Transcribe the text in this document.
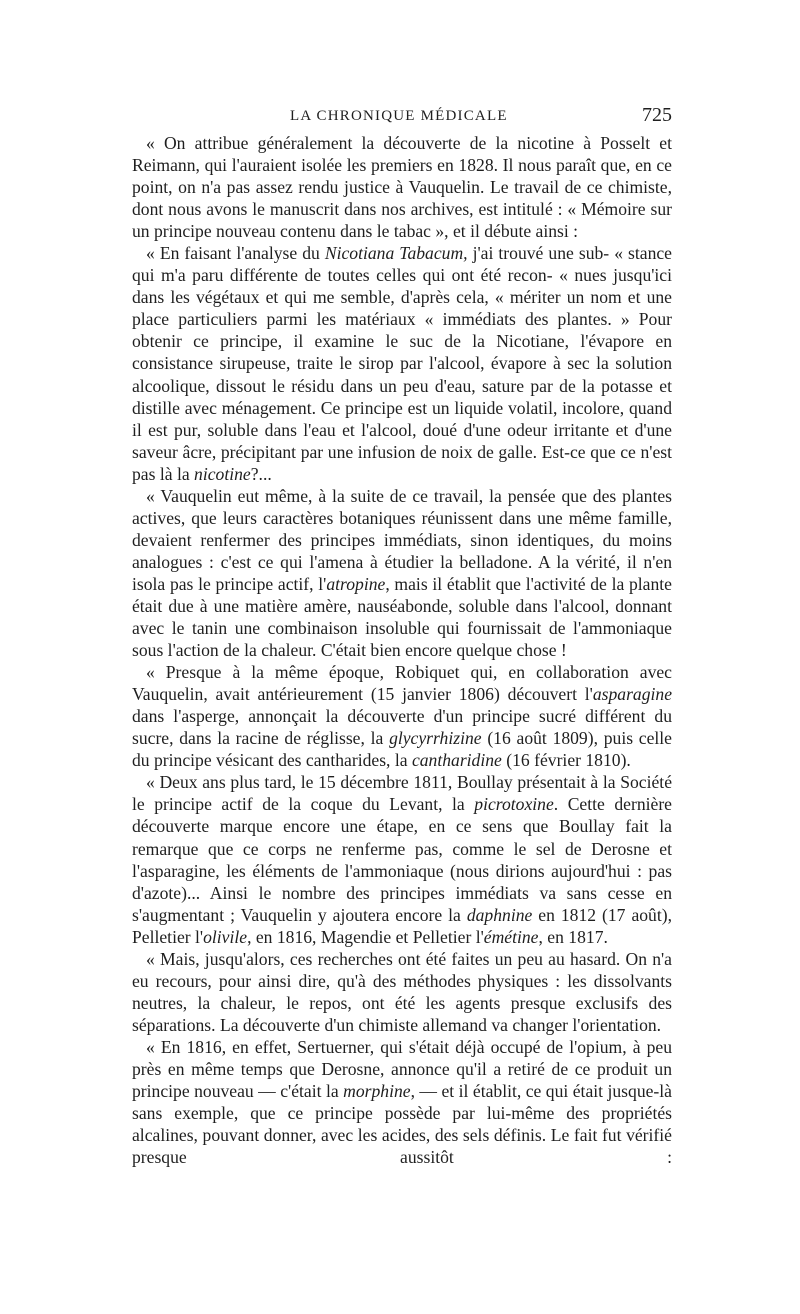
LA CHRONIQUE MÉDICALE	725

« On attribue généralement la découverte de la nicotine à Posselt et Reimann, qui l'auraient isolée les premiers en 1828. Il nous paraît que, en ce point, on n'a pas assez rendu justice à Vauquelin. Le travail de ce chimiste, dont nous avons le manuscrit dans nos archives, est intitulé : « Mémoire sur un principe nouveau contenu dans le tabac », et il débute ainsi :

« En faisant l'analyse du Nicotiana Tabacum, j'ai trouvé une sub- « stance qui m'a paru différente de toutes celles qui ont été recon- « nues jusqu'ici dans les végétaux et qui me semble, d'après cela, « mériter un nom et une place particuliers parmi les matériaux « immédiats des plantes. » Pour obtenir ce principe, il examine le suc de la Nicotiane, l'évapore en consistance sirupeuse, traite le sirop par l'alcool, évapore à sec la solution alcoolique, dissout le résidu dans un peu d'eau, sature par de la potasse et distille avec ménagement. Ce principe est un liquide volatil, incolore, quand il est pur, soluble dans l'eau et l'alcool, doué d'une odeur irritante et d'une saveur âcre, précipitant par une infusion de noix de galle. Est-ce que ce n'est pas là la nicotine?...

« Vauquelin eut même, à la suite de ce travail, la pensée que des plantes actives, que leurs caractères botaniques réunissent dans une même famille, devaient renfermer des principes immédiats, sinon identiques, du moins analogues : c'est ce qui l'amena à étudier la belladone. A la vérité, il n'en isola pas le principe actif, l'atropine, mais il établit que l'activité de la plante était due à une matière amère, nauséabonde, soluble dans l'alcool, donnant avec le tanin une combinaison insoluble qui fournissait de l'ammoniaque sous l'action de la chaleur. C'était bien encore quelque chose !

« Presque à la même époque, Robiquet qui, en collaboration avec Vauquelin, avait antérieurement (15 janvier 1806) découvert l'asparagine dans l'asperge, annonçait la découverte d'un principe sucré différent du sucre, dans la racine de réglisse, la glycyrrhizine (16 août 1809), puis celle du principe vésicant des cantharides, la cantharidine (16 février 1810).

« Deux ans plus tard, le 15 décembre 1811, Boullay présentait à la Société le principe actif de la coque du Levant, la picrotoxine. Cette dernière découverte marque encore une étape, en ce sens que Boullay fait la remarque que ce corps ne renferme pas, comme le sel de Derosne et l'asparagine, les éléments de l'ammoniaque (nous dirions aujourd'hui : pas d'azote)... Ainsi le nombre des principes immédiats va sans cesse en s'augmentant ; Vauquelin y ajoutera encore la daphnine en 1812 (17 août), Pelletier l'olivile, en 1816, Magendie et Pelletier l'émétine, en 1817.

« Mais, jusqu'alors, ces recherches ont été faites un peu au hasard. On n'a eu recours, pour ainsi dire, qu'à des méthodes physiques : les dissolvants neutres, la chaleur, le repos, ont été les agents presque exclusifs des séparations. La découverte d'un chimiste allemand va changer l'orientation.

« En 1816, en effet, Sertuerner, qui s'était déjà occupé de l'opium, à peu près en même temps que Derosne, annonce qu'il a retiré de ce produit un principe nouveau — c'était la morphine, — et il établit, ce qui était jusque-là sans exemple, que ce principe possède par lui-même des propriétés alcalines, pouvant donner, avec les acides, des sels définis. Le fait fut vérifié presque aussitôt :
